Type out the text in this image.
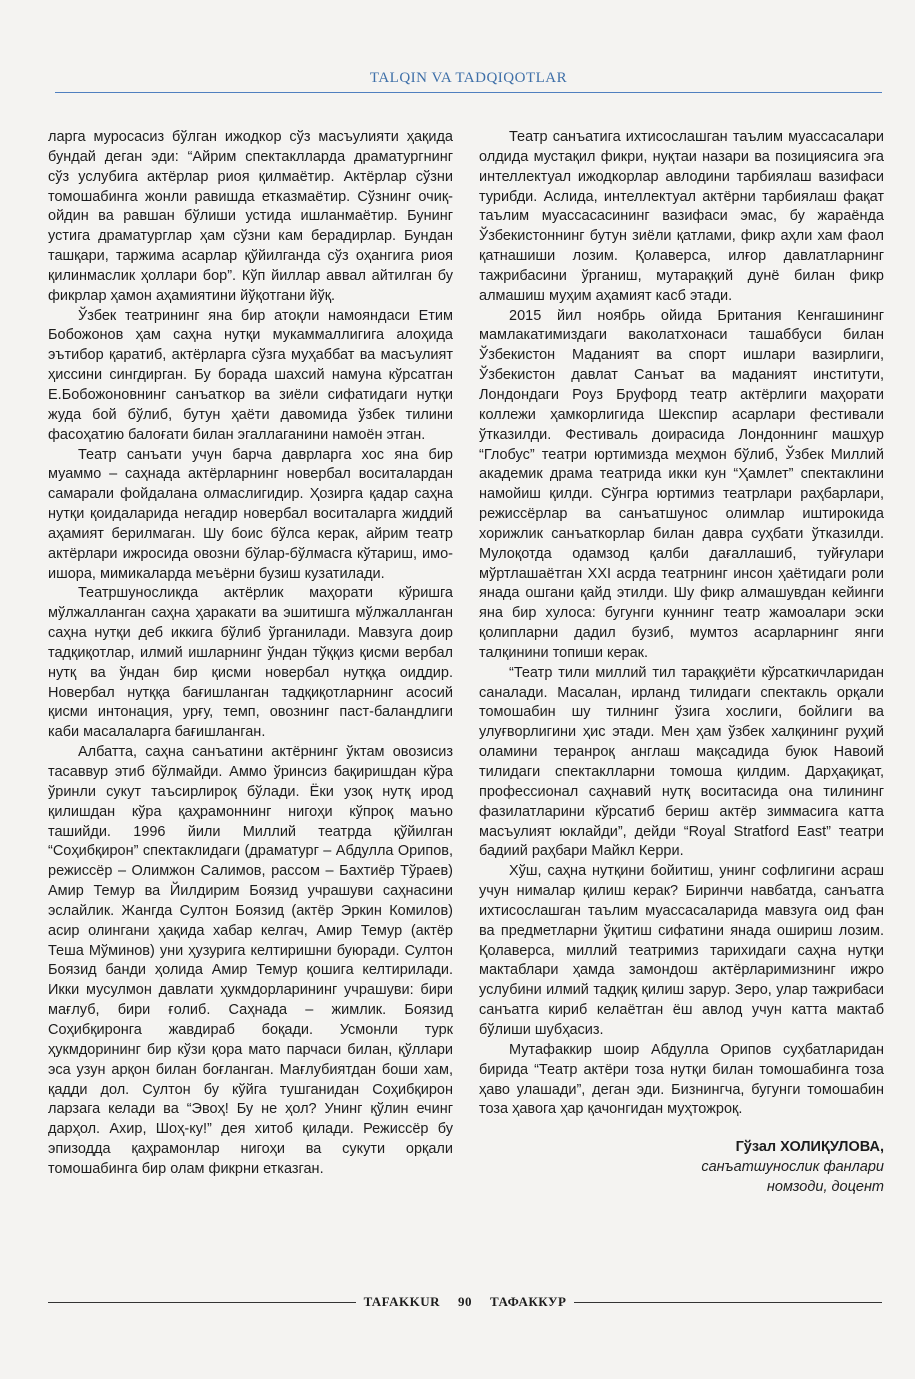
TALQIN VA TADQIQOTLAR

ларга муросасиз бўлган ижодкор сўз масъулияти ҳақида бундай деган эди: “Айрим спектаклларда драматургнинг сўз услубига актёрлар риоя қилмаётир. Актёрлар сўзни томошабинга жонли равишда етказмаётир. Сўзнинг очиқ-ойдин ва равшан бўлиши устида ишланмаётир. Бунинг устига драматурглар ҳам сўзни кам берадирлар. Бундан ташқари, таржима асарлар қўйилганда сўз оҳангига риоя қилинмаслик ҳоллари бор”. Кўп йиллар аввал айтилган бу фикрлар ҳамон аҳамиятини йўқотгани йўқ.

Ўзбек театрининг яна бир атоқли намояндаси Етим Бобожонов ҳам саҳна нутқи мукаммаллигига алоҳида эътибор қаратиб, актёрларга сўзга муҳаббат ва масъулият ҳиссини сингдирган. Бу борада шахсий намуна кўрсатган Е.Бобожоновнинг санъаткор ва зиёли сифатидаги нутқи жуда бой бўлиб, бутун ҳаёти давомида ўзбек тилини фасоҳатию балоғати билан эгаллаганини намоён этган.

Театр санъати учун барча даврларга хос яна бир муаммо – саҳнада актёрларнинг новербал воситалардан самарали фойдалана олмаслигидир. Ҳозирга қадар саҳна нутқи қоидаларида негадир новербал воситаларга жиддий аҳамият берилмаган. Шу боис бўлса керак, айрим театр актёрлари ижросида овозни бўлар-бўлмасга кўтариш, имо-ишора, мимикаларда меъёрни бузиш кузатилади.

Театршуносликда актёрлик маҳорати кўришга мўлжалланган саҳна ҳаракати ва эшитишга мўлжалланган саҳна нутқи деб иккига бўлиб ўрганилади. Мавзуга доир тадқиқотлар, илмий ишларнинг ўндан тўққиз қисми вербал нутқ ва ўндан бир қисми новербал нутққа оиддир. Новербал нутққа бағишланган тадқиқотларнинг асосий қисми интонация, урғу, темп, овознинг паст-баландлиги каби масалаларга бағишланган.

Албатта, саҳна санъатини актёрнинг ўктам овозисиз тасаввур этиб бўлмайди. Аммо ўринсиз бақиришдан кўра ўринли сукут таъсирлироқ бўлади. Ёки узоқ нутқ ирод қилишдан кўра қаҳрамоннинг нигоҳи кўпроқ маъно ташийди. 1996 йили Миллий театрда қўйилган “Соҳибқирон” спектаклидаги (драматург – Абдулла Орипов, режиссёр – Олимжон Салимов, рассом – Бахтиёр Тўраев) Амир Темур ва Йилдирим Боязид учрашуви саҳнасини эслайлик. Жангда Султон Боязид (актёр Эркин Комилов) асир олингани ҳақида хабар келгач, Амир Темур (актёр Теша Мўминов) уни ҳузурига келтиришни буюради. Султон Боязид банди ҳолида Амир Темур қошига келтирилади. Икки мусулмон давлати ҳукмдорларининг учрашуви: бири мағлуб, бири ғолиб. Саҳнада – жимлик. Боязид Соҳибқиронга жавдираб боқади. Усмонли турк ҳукмдорининг бир кўзи қора мато парчаси билан, қўллари эса узун арқон билан боғланган. Мағлубиятдан боши хам, қадди дол. Султон бу кўйга тушганидан Соҳибқирон ларзага келади ва “Эвоҳ! Бу не ҳол? Унинг қўлин ечинг дарҳол. Ахир, Шоҳ-ку!” дея хитоб қилади. Режиссёр бу эпизодда қаҳрамонлар нигоҳи ва сукути орқали томошабинга бир олам фикрни етказган.

Театр санъатига ихтисослашган таълим муассасалари олдида мустақил фикри, нуқтаи назари ва позициясига эга интеллектуал ижодкорлар авлодини тарбиялаш вазифаси турибди. Аслида, интеллектуал актёрни тарбиялаш фақат таълим муассасасининг вазифаси эмас, бу жараёнда Ўзбекистоннинг бутун зиёли қатлами, фикр аҳли хам фаол қатнашиши лозим. Қолаверса, илғор давлатларнинг тажрибасини ўрганиш, мутараққий дунё билан фикр алмашиш муҳим аҳамият касб этади.

2015 йил ноябрь ойида Британия Кенгашининг мамлакатимиздаги ваколатхонаси ташаббуси билан Ўзбекистон Маданият ва спорт ишлари вазирлиги, Ўзбекистон давлат Санъат ва маданият институти, Лондондаги Роуз Бруфорд театр актёрлиги маҳорати коллежи ҳамкорлигида Шекспир асарлари фестивали ўтказилди. Фестиваль доирасида Лондоннинг машҳур “Глобус” театри юртимизда меҳмон бўлиб, Ўзбек Миллий академик драма театрида икки кун “Ҳамлет” спектаклини намойиш қилди. Сўнгра юртимиз театрлари раҳбарлари, режиссёрлар ва санъатшунос олимлар иштирокида хорижлик санъаткорлар билан давра суҳбати ўтказилди. Мулоқотда одамзод қалби дағаллашиб, туйғулари мўртлашаётган XXI асрда театрнинг инсон ҳаётидаги роли янада ошгани қайд этилди. Шу фикр алмашувдан кейинги яна бир хулоса: бугунги куннинг театр жамоалари эски қолипларни дадил бузиб, мумтоз асарларнинг янги талқинини топиши керак.

“Театр тили миллий тил тараққиёти кўрсаткичларидан саналади. Масалан, ирланд тилидаги спектакль орқали томошабин шу тилнинг ўзига хослиги, бойлиги ва улуғворлигини ҳис этади. Мен ҳам ўзбек халқининг руҳий оламини теранроқ англаш мақсадида буюк Навоий тилидаги спектаклларни томоша қилдим. Дарҳақиқат, профессионал саҳнавий нутқ воситасида она тилининг фазилатларини кўрсатиб бериш актёр зиммасига катта масъулият юклайди”, дейди “Royal Stratford East” театри бадиий раҳбари Майкл Керри.

Хўш, саҳна нутқини бойитиш, унинг софлигини асраш учун нималар қилиш керак? Биринчи навбатда, санъатга ихтисослашган таълим муассасаларида мавзуга оид фан ва предметларни ўқитиш сифатини янада ошириш лозим. Қолаверса, миллий театримиз тарихидаги саҳна нутқи мактаблари ҳамда замондош актёрларимизнинг ижро услубини илмий тадқиқ қилиш зарур. Зеро, улар тажрибаси санъатга кириб келаётган ёш авлод учун катта мактаб бўлиши шубҳасиз.

Мутафаккир шоир Абдулла Орипов суҳбатларидан бирида “Театр актёри тоза нутқи билан томошабинга тоза ҳаво улашади”, деган эди. Бизнингча, бугунги томошабин тоза ҳавога ҳар қачонгидан муҳтожроқ.

Гўзал ХОЛИҚУЛОВА,
санъатшунослик фанлари
номзоди, доцент
TAFAKKUR	90	ТАФАККУР
